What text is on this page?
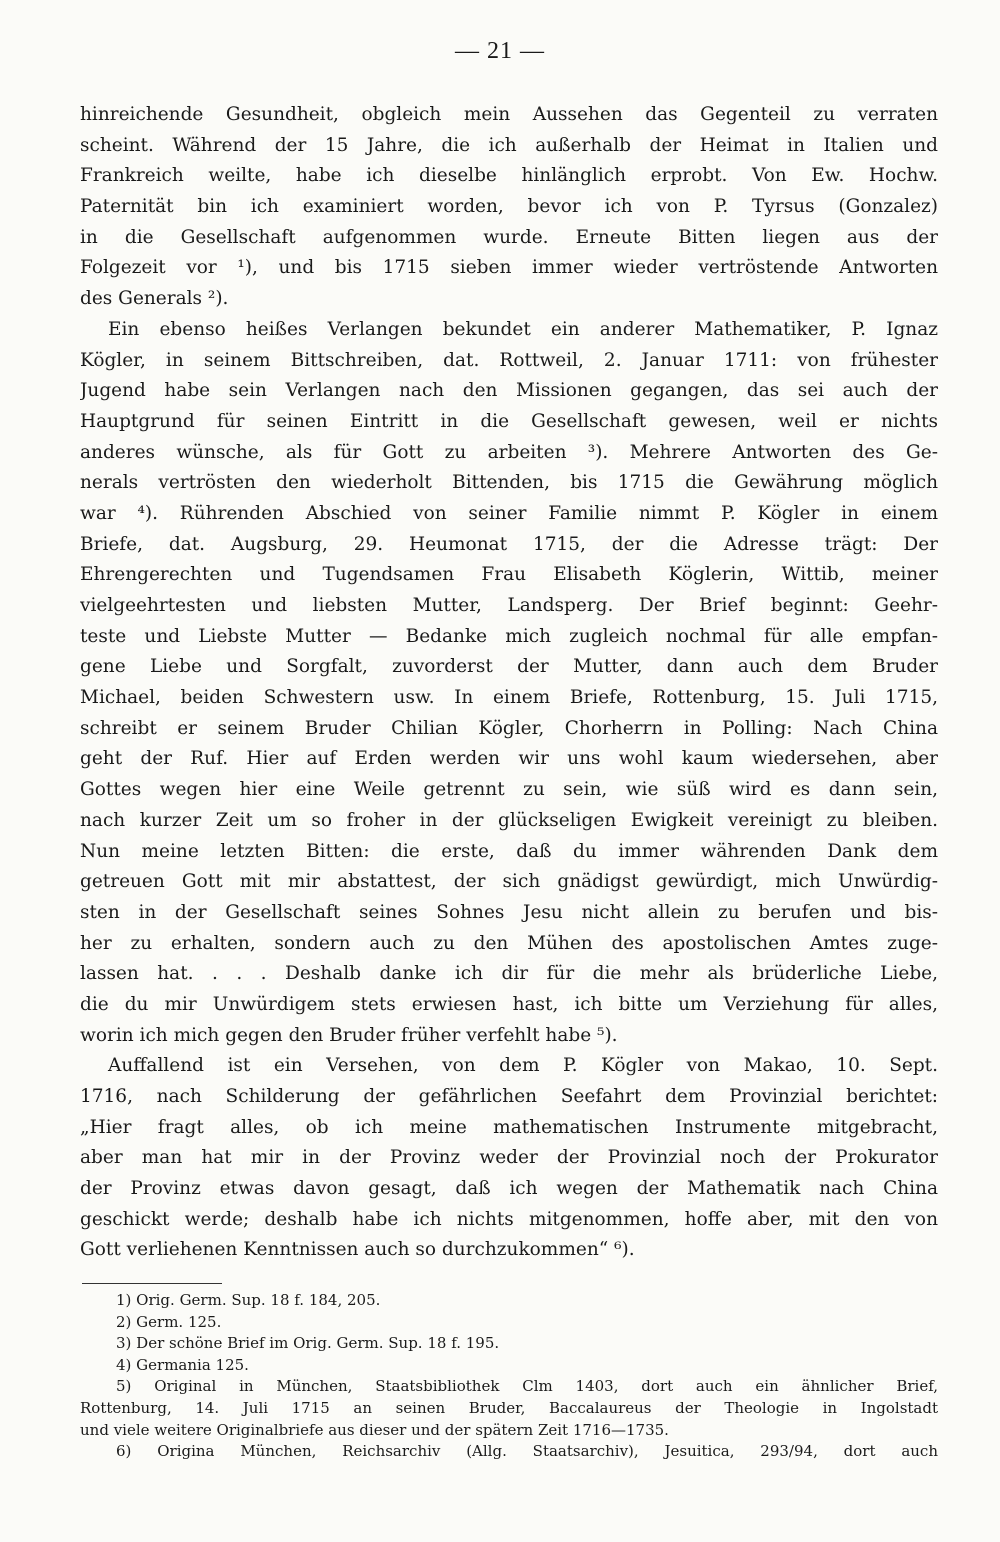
— 21 —
hinreichende Gesundheit, obgleich mein Aussehen das Gegenteil zu verraten
scheint. Während der 15 Jahre, die ich außerhalb der Heimat in Italien und
Frankreich weilte, habe ich dieselbe hinlänglich erprobt. Von Ew. Hochw.
Paternität bin ich examiniert worden, bevor ich von P. Tyrsus (Gonzalez)
in die Gesellschaft aufgenommen wurde. Erneute Bitten liegen aus der
Folgezeit vor ¹), und bis 1715 sieben immer wieder vertröstende Antworten
des Generals ²).
Ein ebenso heißes Verlangen bekundet ein anderer Mathematiker, P. Ignaz
Kögler, in seinem Bittschreiben, dat. Rottweil, 2. Januar 1711: von frühester
Jugend habe sein Verlangen nach den Missionen gegangen, das sei auch der
Hauptgrund für seinen Eintritt in die Gesellschaft gewesen, weil er nichts
anderes wünsche, als für Gott zu arbeiten ³). Mehrere Antworten des Ge-
nerals vertrösten den wiederholt Bittenden, bis 1715 die Gewährung möglich
war ⁴). Rührenden Abschied von seiner Familie nimmt P. Kögler in einem
Briefe, dat. Augsburg, 29. Heumonat 1715, der die Adresse trägt: Der
Ehrengerechten und Tugendsamen Frau Elisabeth Köglerin, Wittib, meiner
vielgeehrtesten und liebsten Mutter, Landsperg. Der Brief beginnt: Geehr-
teste und Liebste Mutter — Bedanke mich zugleich nochmal für alle empfan-
gene Liebe und Sorgfalt, zuvorderst der Mutter, dann auch dem Bruder
Michael, beiden Schwestern usw. In einem Briefe, Rottenburg, 15. Juli 1715,
schreibt er seinem Bruder Chilian Kögler, Chorherrn in Polling: Nach China
geht der Ruf. Hier auf Erden werden wir uns wohl kaum wiedersehen, aber
Gottes wegen hier eine Weile getrennt zu sein, wie süß wird es dann sein,
nach kurzer Zeit um so froher in der glückseligen Ewigkeit vereinigt zu bleiben.
Nun meine letzten Bitten: die erste, daß du immer währenden Dank dem
getreuen Gott mit mir abstattest, der sich gnädigst gewürdigt, mich Unwürdig-
sten in der Gesellschaft seines Sohnes Jesu nicht allein zu berufen und bis-
her zu erhalten, sondern auch zu den Mühen des apostolischen Amtes zuge-
lassen hat. . . . Deshalb danke ich dir für die mehr als brüderliche Liebe,
die du mir Unwürdigem stets erwiesen hast, ich bitte um Verziehung für alles,
worin ich mich gegen den Bruder früher verfehlt habe ⁵).
Auffallend ist ein Versehen, von dem P. Kögler von Makao, 10. Sept.
1716, nach Schilderung der gefährlichen Seefahrt dem Provinzial berichtet:
„Hier fragt alles, ob ich meine mathematischen Instrumente mitgebracht,
aber man hat mir in der Provinz weder der Provinzial noch der Prokurator
der Provinz etwas davon gesagt, daß ich wegen der Mathematik nach China
geschickt werde; deshalb habe ich nichts mitgenommen, hoffe aber, mit den von
Gott verliehenen Kenntnissen auch so durchzukommen“ ⁶).
1) Orig. Germ. Sup. 18 f. 184, 205.
2) Germ. 125.
3) Der schöne Brief im Orig. Germ. Sup. 18 f. 195.
4) Germania 125.
5) Original in München, Staatsbibliothek Clm 1403, dort auch ein ähnlicher Brief,
Rottenburg, 14. Juli 1715 an seinen Bruder, Baccalaureus der Theologie in Ingolstadt
und viele weitere Originalbriefe aus dieser und der spätern Zeit 1716—1735.
6) Origina München, Reichsarchiv (Allg. Staatsarchiv), Jesuitica, 293/94, dort auch
